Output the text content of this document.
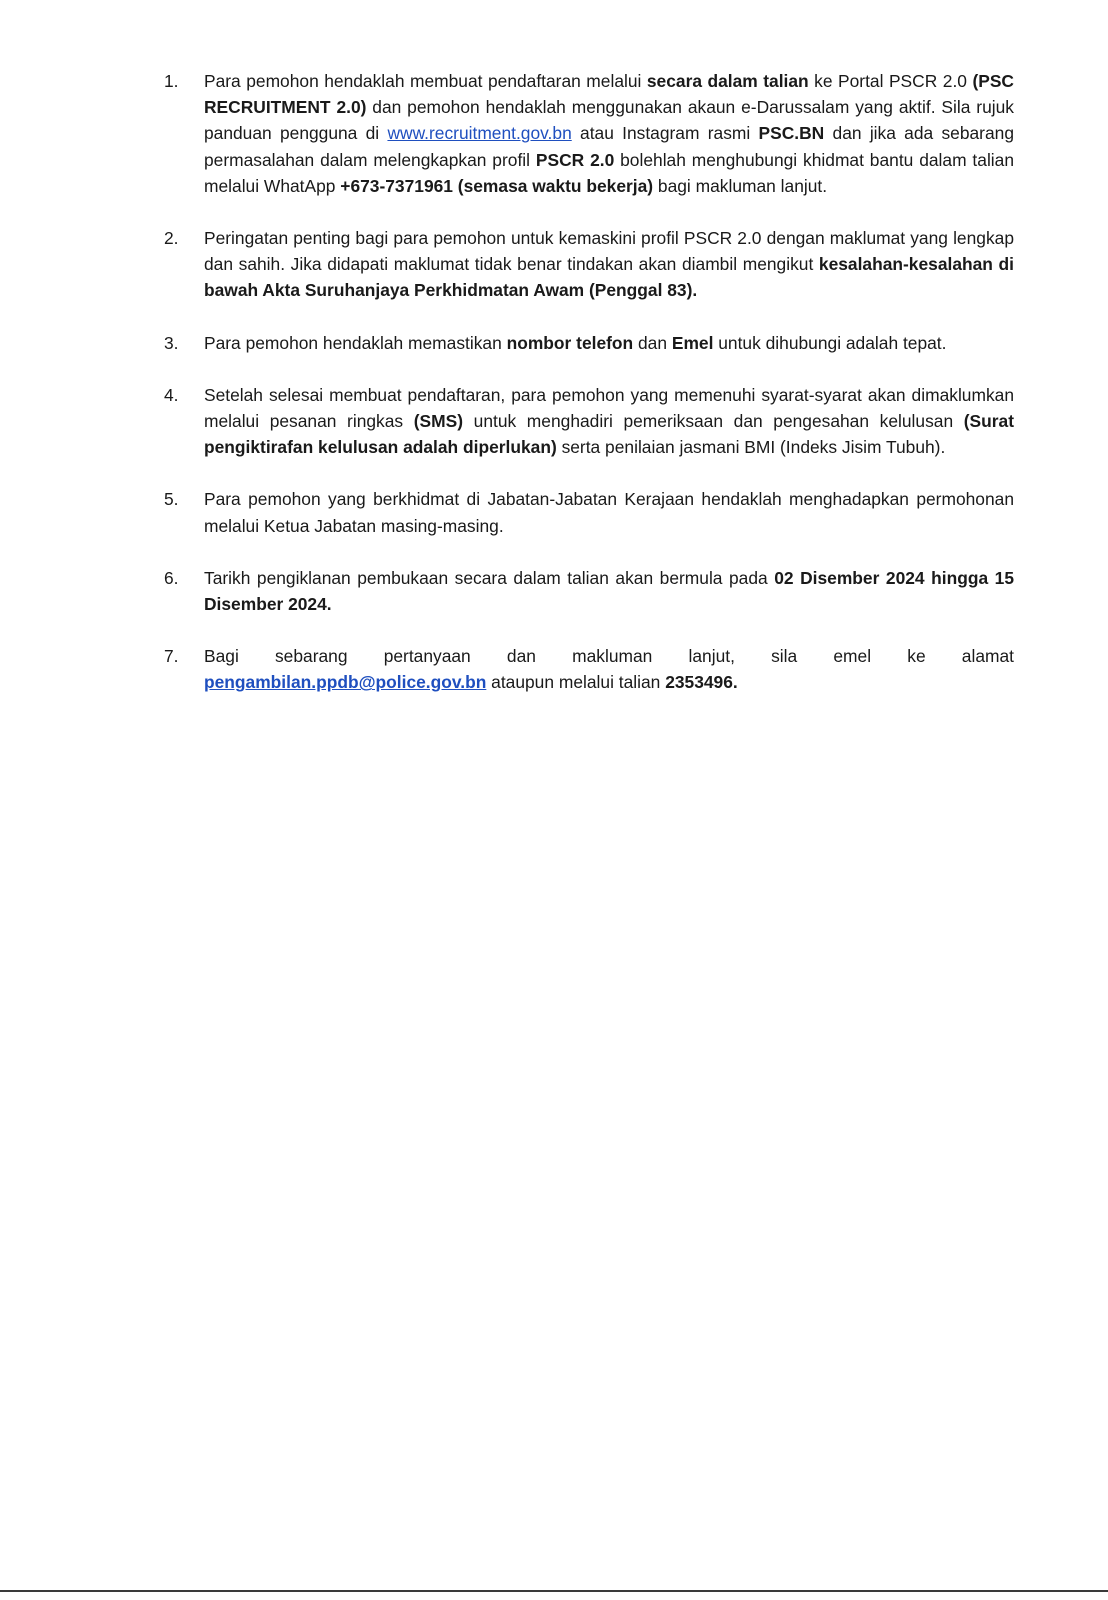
1.	Para pemohon hendaklah membuat pendaftaran melalui secara dalam talian ke Portal PSCR 2.0 (PSC RECRUITMENT 2.0) dan pemohon hendaklah menggunakan akaun e-Darussalam yang aktif. Sila rujuk panduan pengguna di www.recruitment.gov.bn atau Instagram rasmi PSC.BN dan jika ada sebarang permasalahan dalam melengkapkan profil PSCR 2.0 bolehlah menghubungi khidmat bantu dalam talian melalui WhatApp +673-7371961 (semasa waktu bekerja) bagi makluman lanjut.
2.	Peringatan penting bagi para pemohon untuk kemaskini profil PSCR 2.0 dengan maklumat yang lengkap dan sahih. Jika didapati maklumat tidak benar tindakan akan diambil mengikut kesalahan-kesalahan di bawah Akta Suruhanjaya Perkhidmatan Awam (Penggal 83).
3.	Para pemohon hendaklah memastikan nombor telefon dan Emel untuk dihubungi adalah tepat.
4.	Setelah selesai membuat pendaftaran, para pemohon yang memenuhi syarat-syarat akan dimaklumkan melalui pesanan ringkas (SMS) untuk menghadiri pemeriksaan dan pengesahan kelulusan (Surat pengiktirafan kelulusan adalah diperlukan) serta penilaian jasmani BMI (Indeks Jisim Tubuh).
5.	Para pemohon yang berkhidmat di Jabatan-Jabatan Kerajaan hendaklah menghadapkan permohonan melalui Ketua Jabatan masing-masing.
6.	Tarikh pengiklanan pembukaan secara dalam talian akan bermula pada 02 Disember 2024 hingga 15 Disember 2024.
7.	Bagi sebarang pertanyaan dan makluman lanjut, sila emel ke alamat pengambilan.ppdb@police.gov.bn ataupun melalui talian 2353496.
